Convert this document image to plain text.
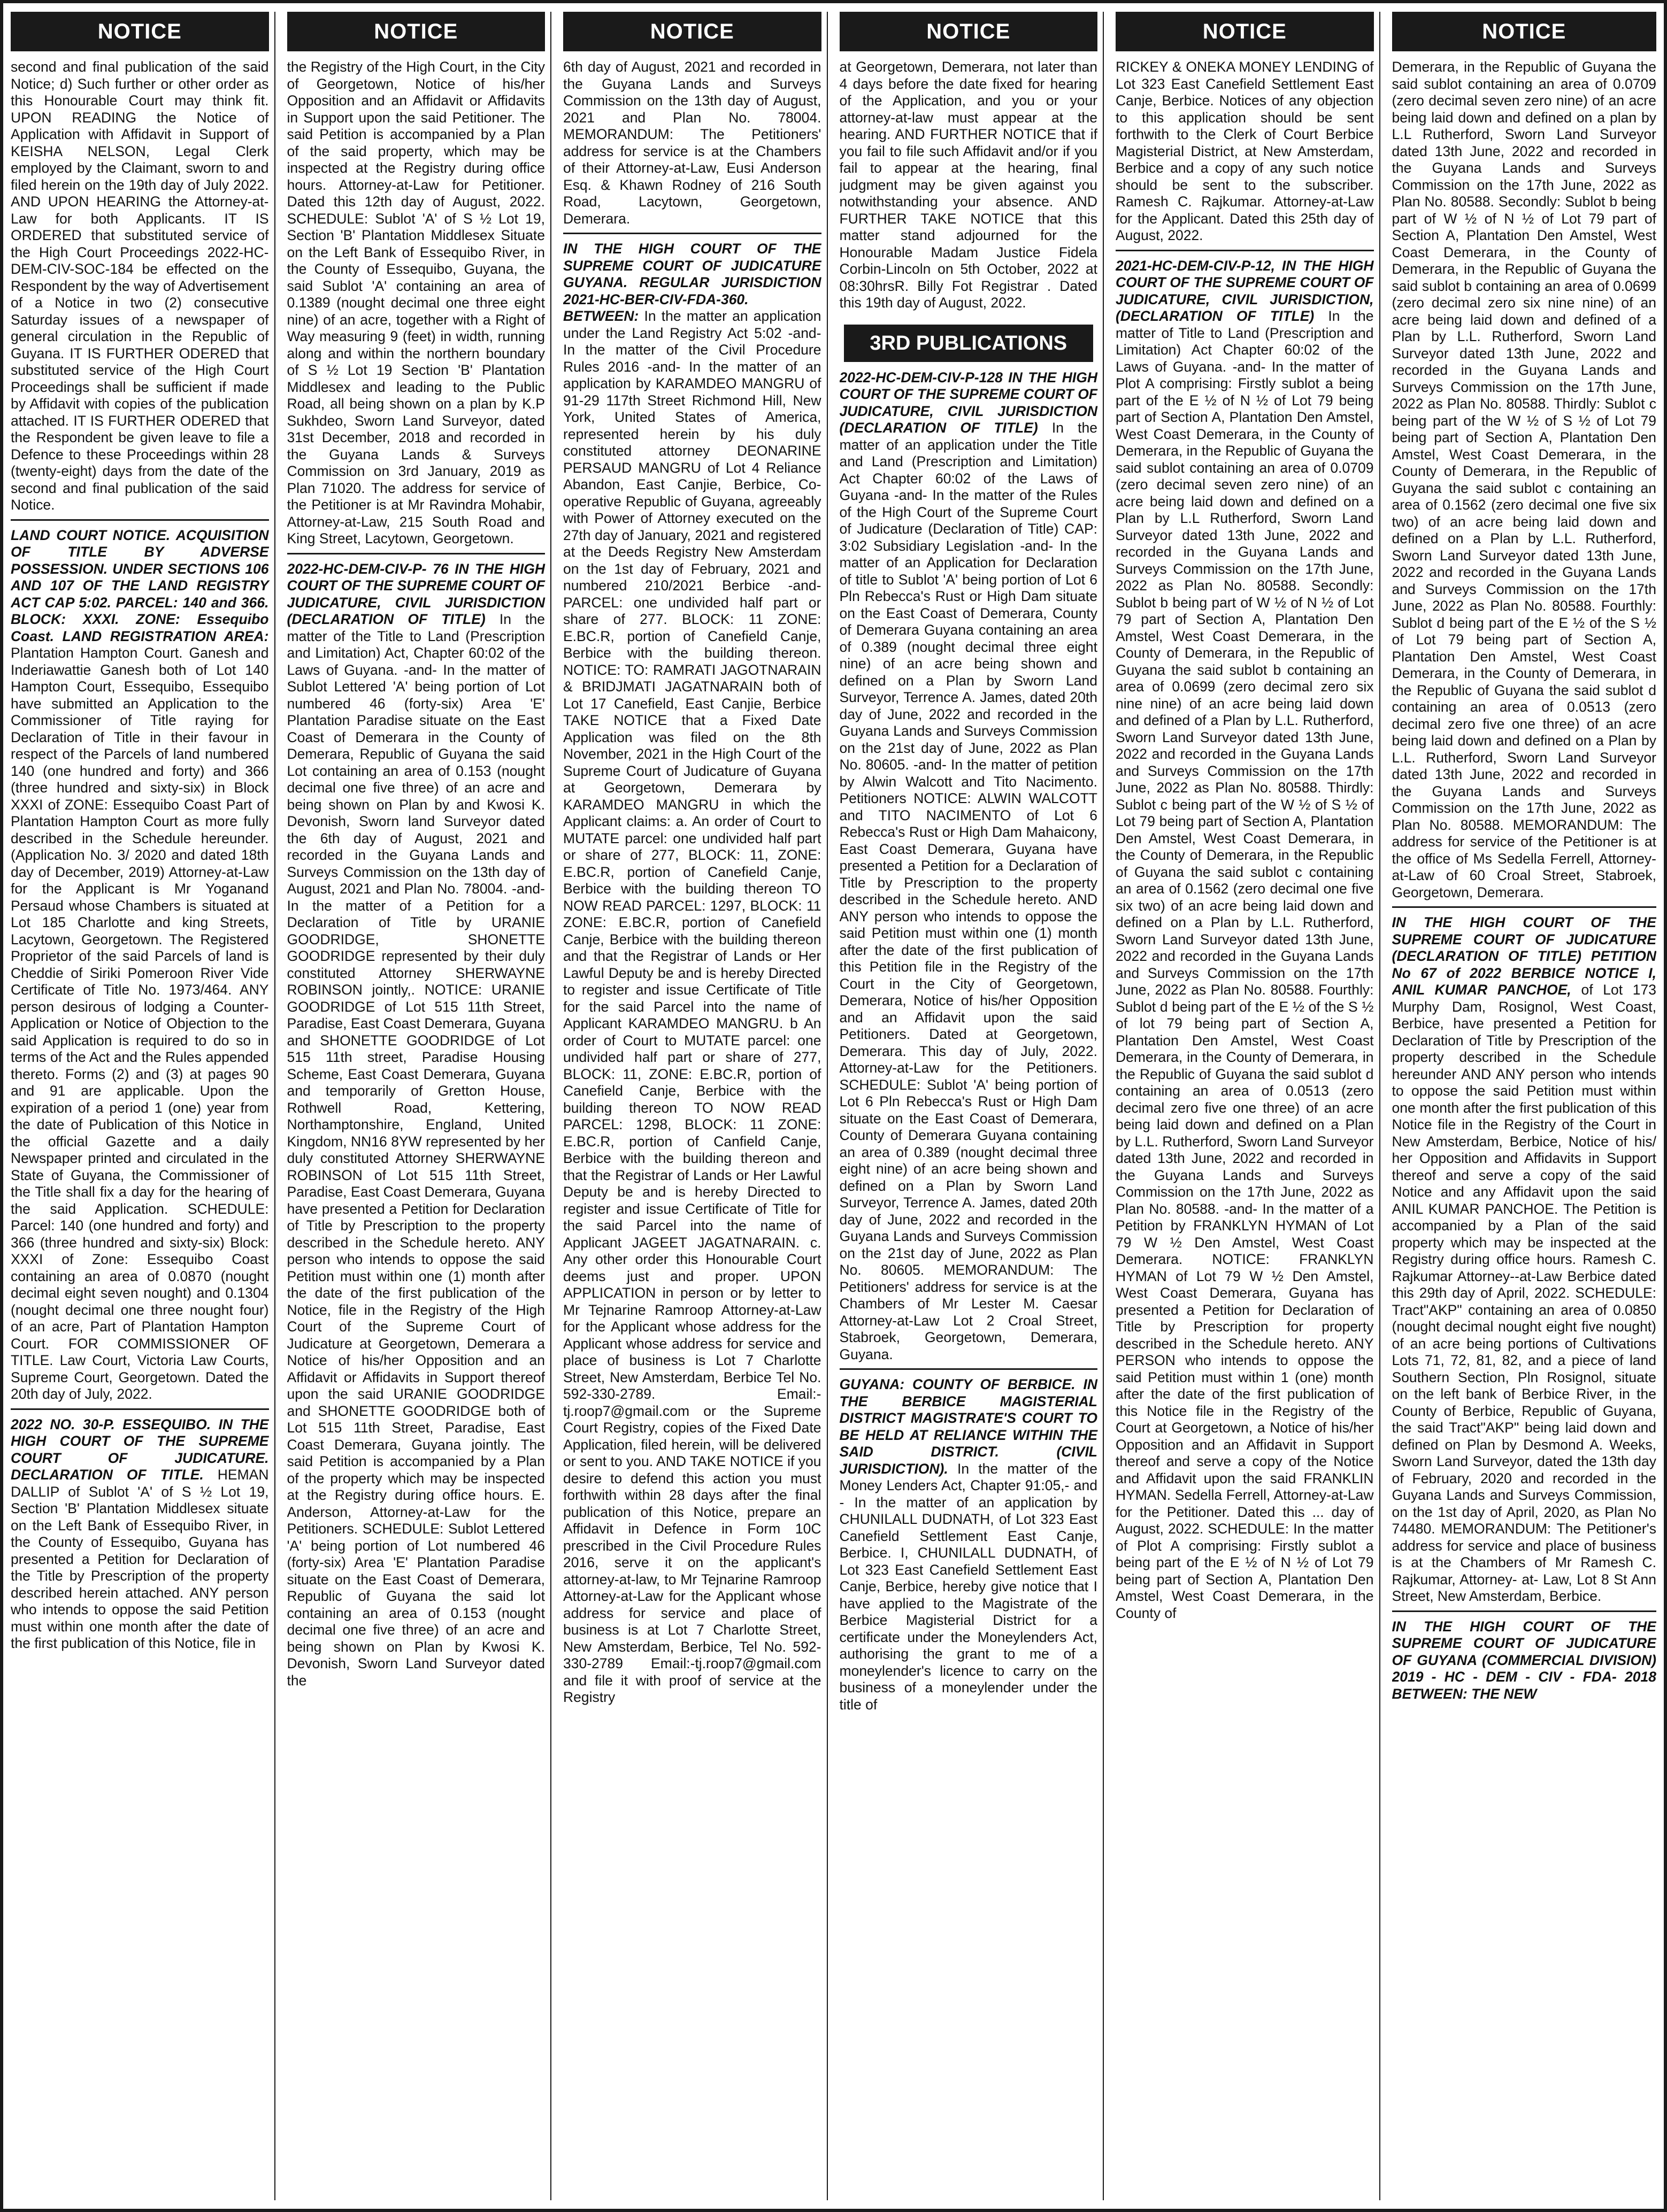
NOTICE
second and final publication of the said Notice; d) Such further or other order as this Honourable Court may think fit. UPON READING the Notice of Application with Affidavit in Support of KEISHA NELSON, Legal Clerk employed by the Claimant, sworn to and filed herein on the 19th day of July 2022. AND UPON HEARING the Attorney-at-Law for both Applicants. IT IS ORDERED that substituted service of the High Court Proceedings 2022-HC-DEM-CIV-SOC-184 be effected on the Respondent by the way of Advertisement of a Notice in two (2) consecutive Saturday issues of a newspaper of general circulation in the Republic of Guyana. IT IS FURTHER ODERED that substituted service of the High Court Proceedings shall be sufficient if made by Affidavit with copies of the publication attached. IT IS FURTHER ODERED that the Respondent be given leave to file a Defence to these Proceedings within 28 (twenty-eight) days from the date of the second and final publication of the said Notice.
LAND COURT NOTICE. ACQUISITION OF TITLE BY ADVERSE POSSESSION. UNDER SECTIONS 106 AND 107 OF THE LAND REGISTRY ACT CAP 5:02. PARCEL: 140 and 366. BLOCK: XXXI. ZONE: Essequibo Coast. LAND REGISTRATION AREA: Plantation Hampton Court. Ganesh and Inderiawattie Ganesh both of Lot 140 Hampton Court, Essequibo, Essequibo have submitted an Application to the Commissioner of Title raying for Declaration of Title in their favour in respect of the Parcels of land numbered 140 (one hundred and forty) and 366 (three hundred and sixty-six) in Block XXXI of ZONE: Essequibo Coast Part of Plantation Hampton Court as more fully described in the Schedule hereunder. (Application No. 3/ 2020 and dated 18th day of December, 2019) Attorney-at-Law for the Applicant is Mr Yoganand Persaud whose Chambers is situated at Lot 185 Charlotte and king Streets, Lacytown, Georgetown. The Registered Proprietor of the said Parcels of land is Cheddie of Siriki Pomeroon River Vide Certificate of Title No. 1973/464. ANY person desirous of lodging a Counter- Application or Notice of Objection to the said Application is required to do so in terms of the Act and the Rules appended thereto. Forms (2) and (3) at pages 90 and 91 are applicable. Upon the expiration of a period 1 (one) year from the date of Publication of this Notice in the official Gazette and a daily Newspaper printed and circulated in the State of Guyana, the Commissioner of the Title shall fix a day for the hearing of the said Application. SCHEDULE: Parcel: 140 (one hundred and forty) and 366 (three hundred and sixty-six) Block: XXXI of Zone: Essequibo Coast containing an area of 0.0870 (nought decimal eight seven nought) and 0.1304 (nought decimal one three nought four) of an acre, Part of Plantation Hampton Court. FOR COMMISSIONER OF TITLE. Law Court, Victoria Law Courts, Supreme Court, Georgetown. Dated the 20th day of July, 2022.
2022 NO. 30-P. ESSEQUIBO. IN THE HIGH COURT OF THE SUPREME COURT OF JUDICATURE. DECLARATION OF TITLE. HEMAN DALLIP of Sublot 'A' of S ½ Lot 19, Section 'B' Plantation Middlesex situate on the Left Bank of Essequibo River, in the County of Essequibo, Guyana has presented a Petition for Declaration of the Title by Prescription of the property described herein attached. ANY person who intends to oppose the said Petition must within one month after the date of the first publication of this Notice, file in
NOTICE
the Registry of the High Court, in the City of Georgetown, Notice of his/her Opposition and an Affidavit or Affidavits in Support upon the said Petitioner. The said Petition is accompanied by a Plan of the said property, which may be inspected at the Registry during office hours. Attorney-at-Law for Petitioner. Dated this 12th day of August, 2022. SCHEDULE: Sublot 'A' of S ½ Lot 19, Section 'B' Plantation Middlesex Situate on the Left Bank of Essequibo River, in the County of Essequibo, Guyana, the said Sublot 'A' containing an area of 0.1389 (nought decimal one three eight nine) of an acre, together with a Right of Way measuring 9 (feet) in width, running along and within the northern boundary of S ½ Lot 19 Section 'B' Plantation Middlesex and leading to the Public Road, all being shown on a plan by K.P Sukhdeo, Sworn Land Surveyor, dated 31st December, 2018 and recorded in the Guyana Lands & Surveys Commission on 3rd January, 2019 as Plan 71020. The address for service of the Petitioner is at Mr Ravindra Mohabir, Attorney-at-Law, 215 South Road and King Street, Lacytown, Georgetown.
2022-HC-DEM-CIV-P- 76 IN THE HIGH COURT OF THE SUPREME COURT OF JUDICATURE, CIVIL JURISDICTION (DECLARATION OF TITLE) In the matter of the Title to Land (Prescription and Limitation) Act, Chapter 60:02 of the Laws of Guyana. -and- In the matter of Sublot Lettered 'A' being portion of Lot numbered 46 (forty-six) Area 'E' Plantation Paradise situate on the East Coast of Demerara in the County of Demerara, Republic of Guyana the said Lot containing an area of 0.153 (nought decimal one five three) of an acre and being shown on Plan by and Kwosi K. Devonish, Sworn land Surveyor dated the 6th day of August, 2021 and recorded in the Guyana Lands and Surveys Commission on the 13th day of August, 2021 and Plan No. 78004. -and- In the matter of a Petition for a Declaration of Title by URANIE GOODRIDGE, SHONETTE GOODRIDGE represented by their duly constituted Attorney SHERWAYNE ROBINSON jointly,. NOTICE: URANIE GOODRIDGE of Lot 515 11th Street, Paradise, East Coast Demerara, Guyana and SHONETTE GOODRIDGE of Lot 515 11th street, Paradise Housing Scheme, East Coast Demerara, Guyana and temporarily of Gretton House, Rothwell Road, Kettering, Northamptonshire, England, United Kingdom, NN16 8YW represented by her duly constituted Attorney SHERWAYNE ROBINSON of Lot 515 11th Street, Paradise, East Coast Demerara, Guyana have presented a Petition for Declaration of Title by Prescription to the property described in the Schedule hereto. ANY person who intends to oppose the said Petition must within one (1) month after the date of the first publication of the Notice, file in the Registry of the High Court of the Supreme Court of Judicature at Georgetown, Demerara a Notice of his/her Opposition and an Affidavit or Affidavits in Support thereof upon the said URANIE GOODRIDGE and SHONETTE GOODRIDGE both of Lot 515 11th Street, Paradise, East Coast Demerara, Guyana jointly. The said Petition is accompanied by a Plan of the property which may be inspected at the Registry during office hours. E. Anderson, Attorney-at-Law for the Petitioners. SCHEDULE: Sublot Lettered 'A' being portion of Lot numbered 46 (forty-six) Area 'E' Plantation Paradise situate on the East Coast of Demerara, Republic of Guyana the said lot containing an area of 0.153 (nought decimal one five three) of an acre and being shown on Plan by Kwosi K. Devonish, Sworn Land Surveyor dated the
NOTICE
6th day of August, 2021 and recorded in the Guyana Lands and Surveys Commission on the 13th day of August, 2021 and Plan No. 78004. MEMORANDUM: The Petitioners' address for service is at the Chambers of their Attorney-at-Law, Eusi Anderson Esq. & Khawn Rodney of 216 South Road, Lacytown, Georgetown, Demerara.
IN THE HIGH COURT OF THE SUPREME COURT OF JUDICATURE GUYANA. REGULAR JURISDICTION 2021-HC-BER-CIV-FDA-360. BETWEEN: In the matter an application under the Land Registry Act 5:02 -and- In the matter of the Civil Procedure Rules 2016 -and- In the matter of an application by KARAMDEO MANGRU of 91-29 117th Street Richmond Hill, New York, United States of America, represented herein by his duly constituted attorney DEONARINE PERSAUD MANGRU of Lot 4 Reliance Abandon, East Canjie, Berbice, Co-operative Republic of Guyana, agreeably with Power of Attorney executed on the 27th day of January, 2021 and registered at the Deeds Registry New Amsterdam on the 1st day of February, 2021 and numbered 210/2021 Berbice -and- PARCEL: one undivided half part or share of 277. BLOCK: 11 ZONE: E.BC.R, portion of Canefield Canje, Berbice with the building thereon. NOTICE: TO: RAMRATI JAGOTNARAIN & BRIDJMATI JAGATNARAIN both of Lot 17 Canefield, East Canjie, Berbice TAKE NOTICE that a Fixed Date Application was filed on the 8th November, 2021 in the High Court of the Supreme Court of Judicature of Guyana at Georgetown, Demerara by KARAMDEO MANGRU in which the Applicant claims: a. An order of Court to MUTATE parcel: one undivided half part or share of 277, BLOCK: 11, ZONE: E.BC.R, portion of Canefield Canje, Berbice with the building thereon TO NOW READ PARCEL: 1297, BLOCK: 11 ZONE: E.BC.R, portion of Canefield Canje, Berbice with the building thereon and that the Registrar of Lands or Her Lawful Deputy be and is hereby Directed to register and issue Certificate of Title for the said Parcel into the name of Applicant KARAMDEO MANGRU. b An order of Court to MUTATE parcel: one undivided half part or share of 277, BLOCK: 11, ZONE: E.BC.R, portion of Canefield Canje, Berbice with the building thereon TO NOW READ PARCEL: 1298, BLOCK: 11 ZONE: E.BC.R, portion of Canfield Canje, Berbice with the building thereon and that the Registrar of Lands or Her Lawful Deputy be and is hereby Directed to register and issue Certificate of Title for the said Parcel into the name of Applicant JAGEET JAGATNARAIN. c. Any other order this Honourable Court deems just and proper. UPON APPLICATION in person or by letter to Mr Tejnarine Ramroop Attorney-at-Law for the Applicant whose address for the Applicant whose address for service and place of business is Lot 7 Charlotte Street, New Amsterdam, Berbice Tel No. 592-330-2789. Email:-tj.roop7@gmail.com or the Supreme Court Registry, copies of the Fixed Date Application, filed herein, will be delivered or sent to you. AND TAKE NOTICE if you desire to defend this action you must forthwith within 28 days after the final publication of this Notice, prepare an Affidavit in Defence in Form 10C prescribed in the Civil Procedure Rules 2016, serve it on the applicant's attorney-at-law, to Mr Tejnarine Ramroop Attorney-at-Law for the Applicant whose address for service and place of business is at Lot 7 Charlotte Street, New Amsterdam, Berbice, Tel No. 592-330-2789 Email:-tj.roop7@gmail.com and file it with proof of service at the Registry
NOTICE
at Georgetown, Demerara, not later than 4 days before the date fixed for hearing of the Application, and you or your attorney-at-law must appear at the hearing. AND FURTHER NOTICE that if you fail to file such Affidavit and/or if you fail to appear at the hearing, final judgment may be given against you notwithstanding your absence. AND FURTHER TAKE NOTICE that this matter stand adjourned for the Honourable Madam Justice Fidela Corbin-Lincoln on 5th October, 2022 at 08:30hrsR. Billy Fot Registrar . Dated this 19th day of August, 2022.
3RD PUBLICATIONS
2022-HC-DEM-CIV-P-128 IN THE HIGH COURT OF THE SUPREME COURT OF JUDICATURE, CIVIL JURISDICTION (DECLARATION OF TITLE) In the matter of an application under the Title and Land (Prescription and Limitation) Act Chapter 60:02 of the Laws of Guyana -and- In the matter of the Rules of the High Court of the Supreme Court of Judicature (Declaration of Title) CAP: 3:02 Subsidiary Legislation -and- In the matter of an Application for Declaration of title to Sublot 'A' being portion of Lot 6 Pln Rebecca's Rust or High Dam situate on the East Coast of Demerara, County of Demerara Guyana containing an area of 0.389 (nought decimal three eight nine) of an acre being shown and defined on a Plan by Sworn Land Surveyor, Terrence A. James, dated 20th day of June, 2022 and recorded in the Guyana Lands and Surveys Commission on the 21st day of June, 2022 as Plan No. 80605. -and- In the matter of petition by Alwin Walcott and Tito Nacimento. Petitioners NOTICE: ALWIN WALCOTT and TITO NACIMENTO of Lot 6 Rebecca's Rust or High Dam Mahaicony, East Coast Demerara, Guyana have presented a Petition for a Declaration of Title by Prescription to the property described in the Schedule hereto. AND ANY person who intends to oppose the said Petition must within one (1) month after the date of the first publication of this Petition file in the Registry of the Court in the City of Georgetown, Demerara, Notice of his/her Opposition and an Affidavit upon the said Petitioners. Dated at Georgetown, Demerara. This day of July, 2022. Attorney-at-Law for the Petitioners. SCHEDULE: Sublot 'A' being portion of Lot 6 Pln Rebecca's Rust or High Dam situate on the East Coast of Demerara, County of Demerara Guyana containing an area of 0.389 (nought decimal three eight nine) of an acre being shown and defined on a Plan by Sworn Land Surveyor, Terrence A. James, dated 20th day of June, 2022 and recorded in the Guyana Lands and Surveys Commission on the 21st day of June, 2022 as Plan No. 80605. MEMORANDUM: The Petitioners' address for service is at the Chambers of Mr Lester M. Caesar Attorney-at-Law Lot 2 Croal Street, Stabroek, Georgetown, Demerara, Guyana.
GUYANA: COUNTY OF BERBICE. IN THE BERBICE MAGISTERIAL DISTRICT MAGISTRATE'S COURT TO BE HELD AT RELIANCE WITHIN THE SAID DISTRICT. (CIVIL JURISDICTION). In the matter of the Money Lenders Act, Chapter 91:05,- and - In the matter of an application by CHUNILALL DUDNATH, of Lot 323 East Canefield Settlement East Canje, Berbice. I, CHUNILALL DUDNATH, of Lot 323 East Canefield Settlement East Canje, Berbice, hereby give notice that I have applied to the Magistrate of the Berbice Magisterial District for a certificate under the Moneylenders Act, authorising the grant to me of a moneylender's licence to carry on the business of a moneylender under the title of
NOTICE
RICKEY & ONEKA MONEY LENDING of Lot 323 East Canefield Settlement East Canje, Berbice. Notices of any objection to this application should be sent forthwith to the Clerk of Court Berbice Magisterial District, at New Amsterdam, Berbice and a copy of any such notice should be sent to the subscriber. Ramesh C. Rajkumar. Attorney-at-Law for the Applicant. Dated this 25th day of August, 2022.
2021-HC-DEM-CIV-P-12, IN THE HIGH COURT OF THE SUPREME COURT OF JUDICATURE, CIVIL JURISDICTION, (DECLARATION OF TITLE) In the matter of Title to Land (Prescription and Limitation) Act Chapter 60:02 of the Laws of Guyana. -and- In the matter of Plot A comprising: Firstly sublot a being part of the E ½ of N ½ of Lot 79 being part of Section A, Plantation Den Amstel, West Coast Demerara, in the County of Demerara, in the Republic of Guyana the said sublot containing an area of 0.0709 (zero decimal seven zero nine) of an acre being laid down and defined on a Plan by L.L Rutherford, Sworn Land Surveyor dated 13th June, 2022 and recorded in the Guyana Lands and Surveys Commission on the 17th June, 2022 as Plan No. 80588. Secondly: Sublot b being part of W ½ of N ½ of Lot 79 part of Section A, Plantation Den Amstel, West Coast Demerara, in the County of Demerara, in the Republic of Guyana the said sublot b containing an area of 0.0699 (zero decimal zero six nine nine) of an acre being laid down and defined of a Plan by L.L. Rutherford, Sworn Land Surveyor dated 13th June, 2022 and recorded in the Guyana Lands and Surveys Commission on the 17th June, 2022 as Plan No. 80588. Thirdly: Sublot c being part of the W ½ of S ½ of Lot 79 being part of Section A, Plantation Den Amstel, West Coast Demerara, in the County of Demerara, in the Republic of Guyana the said sublot c containing an area of 0.1562 (zero decimal one five six two) of an acre being laid down and defined on a Plan by L.L. Rutherford, Sworn Land Surveyor dated 13th June, 2022 and recorded in the Guyana Lands and Surveys Commission on the 17th June, 2022 as Plan No. 80588. Fourthly: Sublot d being part of the E ½ of the S ½ of lot 79 being part of Section A, Plantation Den Amstel, West Coast Demerara, in the County of Demerara, in the Republic of Guyana the said sublot d containing an area of 0.0513 (zero decimal zero five one three) of an acre being laid down and defined on a Plan by L.L. Rutherford, Sworn Land Surveyor dated 13th June, 2022 and recorded in the Guyana Lands and Surveys Commission on the 17th June, 2022 as Plan No. 80588. -and- In the matter of a Petition by FRANKLYN HYMAN of Lot 79 W ½ Den Amstel, West Coast Demerara. NOTICE: FRANKLYN HYMAN of Lot 79 W ½ Den Amstel, West Coast Demerara, Guyana has presented a Petition for Declaration of Title by Prescription for property described in the Schedule hereto. ANY PERSON who intends to oppose the said Petition must within 1 (one) month after the date of the first publication of this Notice file in the Registry of the Court at Georgetown, a Notice of his/her Opposition and an Affidavit in Support thereof and serve a copy of the Notice and Affidavit upon the said FRANKLIN HYMAN. Sedella Ferrell, Attorney-at-Law for the Petitioner. Dated this ... day of August, 2022. SCHEDULE: In the matter of Plot A comprising: Firstly sublot a being part of the E ½ of N ½ of Lot 79 being part of Section A, Plantation Den Amstel, West Coast Demerara, in the County of
NOTICE
Demerara, in the Republic of Guyana the said sublot containing an area of 0.0709 (zero decimal seven zero nine) of an acre being laid down and defined on a plan by L.L Rutherford, Sworn Land Surveyor dated 13th June, 2022 and recorded in the Guyana Lands and Surveys Commission on the 17th June, 2022 as Plan No. 80588. Secondly: Sublot b being part of W ½ of N ½ of Lot 79 part of Section A, Plantation Den Amstel, West Coast Demerara, in the County of Demerara, in the Republic of Guyana the said sublot b containing an area of 0.0699 (zero decimal zero six nine nine) of an acre being laid down and defined of a Plan by L.L. Rutherford, Sworn Land Surveyor dated 13th June, 2022 and recorded in the Guyana Lands and Surveys Commission on the 17th June, 2022 as Plan No. 80588. Thirdly: Sublot c being part of the W ½ of S ½ of Lot 79 being part of Section A, Plantation Den Amstel, West Coast Demerara, in the County of Demerara, in the Republic of Guyana the said sublot c containing an area of 0.1562 (zero decimal one five six two) of an acre being laid down and defined on a Plan by L.L. Rutherford, Sworn Land Surveyor dated 13th June, 2022 and recorded in the Guyana Lands and Surveys Commission on the 17th June, 2022 as Plan No. 80588. Fourthly: Sublot d being part of the E ½ of the S ½ of Lot 79 being part of Section A, Plantation Den Amstel, West Coast Demerara, in the County of Demerara, in the Republic of Guyana the said sublot d containing an area of 0.0513 (zero decimal zero five one three) of an acre being laid down and defined on a Plan by L.L. Rutherford, Sworn Land Surveyor dated 13th June, 2022 and recorded in the Guyana Lands and Surveys Commission on the 17th June, 2022 as Plan No. 80588. MEMORANDUM: The address for service of the Petitioner is at the office of Ms Sedella Ferrell, Attorney-at-Law of 60 Croal Street, Stabroek, Georgetown, Demerara.
IN THE HIGH COURT OF THE SUPREME COURT OF JUDICATURE (DECLARATION OF TITLE) PETITION No 67 of 2022 BERBICE NOTICE I, ANIL KUMAR PANCHOE, of Lot 173 Murphy Dam, Rosignol, West Coast, Berbice, have presented a Petition for Declaration of Title by Prescription of the property described in the Schedule hereunder AND ANY person who intends to oppose the said Petition must within one month after the first publication of this Notice file in the Registry of the Court in New Amsterdam, Berbice, Notice of his/ her Opposition and Affidavits in Support thereof and serve a copy of the said Notice and any Affidavit upon the said ANIL KUMAR PANCHOE. The Petition is accompanied by a Plan of the said property which may be inspected at the Registry during office hours. Ramesh C. Rajkumar Attorney--at-Law Berbice dated this 29th day of April, 2022. SCHEDULE: Tract"AKP" containing an area of 0.0850 (nought decimal nought eight five nought) of an acre being portions of Cultivations Lots 71, 72, 81, 82, and a piece of land Southern Section, Pln Rosignol, situate on the left bank of Berbice River, in the County of Berbice, Republic of Guyana, the said Tract"AKP" being laid down and defined on Plan by Desmond A. Weeks, Sworn Land Surveyor, dated the 13th day of February, 2020 and recorded in the Guyana Lands and Surveys Commission, on the 1st day of April, 2020, as Plan No 74480. MEMORANDUM: The Petitioner's address for service and place of business is at the Chambers of Mr Ramesh C. Rajkumar, Attorney- at- Law, Lot 8 St Ann Street, New Amsterdam, Berbice.
IN THE HIGH COURT OF THE SUPREME COURT OF JUDICATURE OF GUYANA (COMMERCIAL DIVISION) 2019 - HC - DEM - CIV - FDA- 2018 BETWEEN: THE NEW
